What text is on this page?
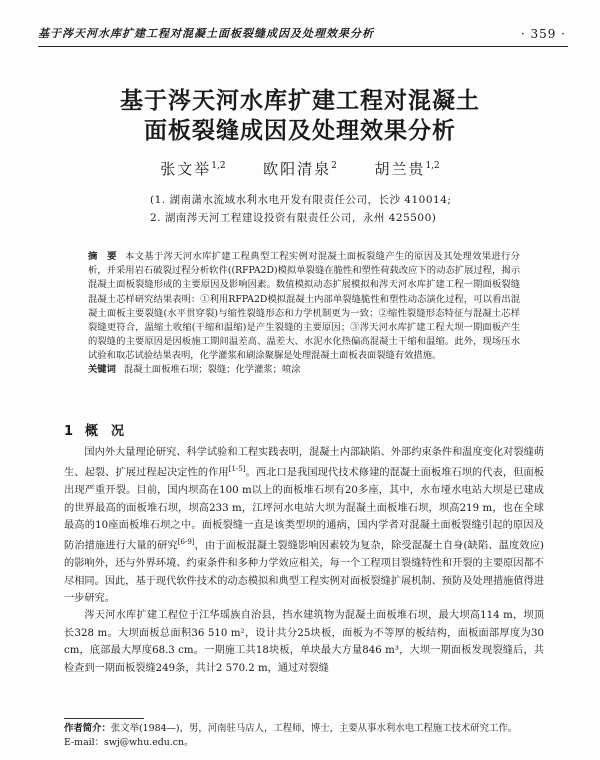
基于涔天河水库扩建工程对混凝土面板裂缝成因及处理效果分析	· 359 ·
基于涔天河水库扩建工程对混凝土
面板裂缝成因及处理效果分析
张文举$^{1,2}$	欧阳清泉$^2$	胡兰贵$^{1,2}$
(1. 湖南潇水流域水利水电开发有限责任公司，长沙 410014;
2. 湖南涔天河工程建设投资有限责任公司，永州 425500)
摘　要 本文基于涔天河水库扩建工程典型工程实例对混凝土面板裂缝产生的原因及其处理效果进行分析，并采用岩石破裂过程分析软件((RFPA2D)模拟单裂缝在脆性和塑性荷载改应下的动态扩展过程，揭示混凝土面板裂缝形成的主要原因及影响因素。数值模拟动态扩展模拟和涔天河水库扩建工程一期面板裂缝混凝土芯样研究结果表明：①利用RFPA2D模拟混凝土内部单裂缝脆性和塑性动态演化过程，可以看出混凝土面板主要裂缝(水平贯穿裂)与缩性裂缝形态和力学机制更为一致；②缩性裂缝形态特征与混凝土芯样裂缝更符合，温缩土收缩(干缩和温缩)是产生裂缝的主要原因；③涔天河水库扩建工程大坝一期面板产生的裂缝的主要原因是因板施工期间温差高、温差大、水泥水化热偏高混凝土干缩和温缩。此外，现场压水试验和取芯试验结果表明，化学灌浆和刷涂聚脲是处理混凝土面板表面裂缝有效措施。
关键词 混凝土面板堆石坝；裂缝；化学灌浆；喷涂
1 概　况

国内外大量理论研究、科学试验和工程实践表明，混凝土内部缺陷、外部约束条件和温度变化对裂缝萌生、起裂、扩展过程起决定性的作用[1-5]。西北口是我国现代技术修建的混凝土面板堆石坝的代表，但面板出现严重开裂。目前，国内坝高在100 m以上的面板堆石坝有20多座，其中，水布垭水电站大坝是已建成的世界最高的面板堆石坝，坝高233 m，江坪河水电站大坝为混凝土面板堆石坝，坝高219 m，也在全球最高的10座面板堆石坝之中。面板裂缝一直是该类型坝的通病，国内学者对混凝土面板裂缝引起的原因及防治措施进行大量的研究[6-9]，由于面板混凝土裂缝影响因素较为复杂，除受混凝土自身(缺陷、温度效应)的影响外，还与外界环境、约束条件和多种力学效应相关，每一个工程项目裂缝特性和开裂的主要原因都不尽相同。因此，基于现代软件技术的动态模拟和典型工程实例对面板裂缝扩展机制、预防及处理措施值得进一步研究。

涔天河水库扩建工程位于江华瑶族自治县，挡水建筑物为混凝土面板堆石坝，最大坝高114 m，坝顶长328 m。大坝面板总面积36 510 m²，设计共分25块板，面板为不等厚的板结构，面板面部厚度为30 cm，底部最大厚度68.3 cm。一期施工共18块板，单块最大方量846 m³，大坝一期面板发现裂缝后，共检查到一期面板裂缝249条，共计2 570.2 m，通过对裂缝

作者简介：张文举(1984—)，男，河南驻马店人，工程师，博士，主要从事水利水电工程施工技术研究工作。
E-mail：swj@whu.edu.cn。
